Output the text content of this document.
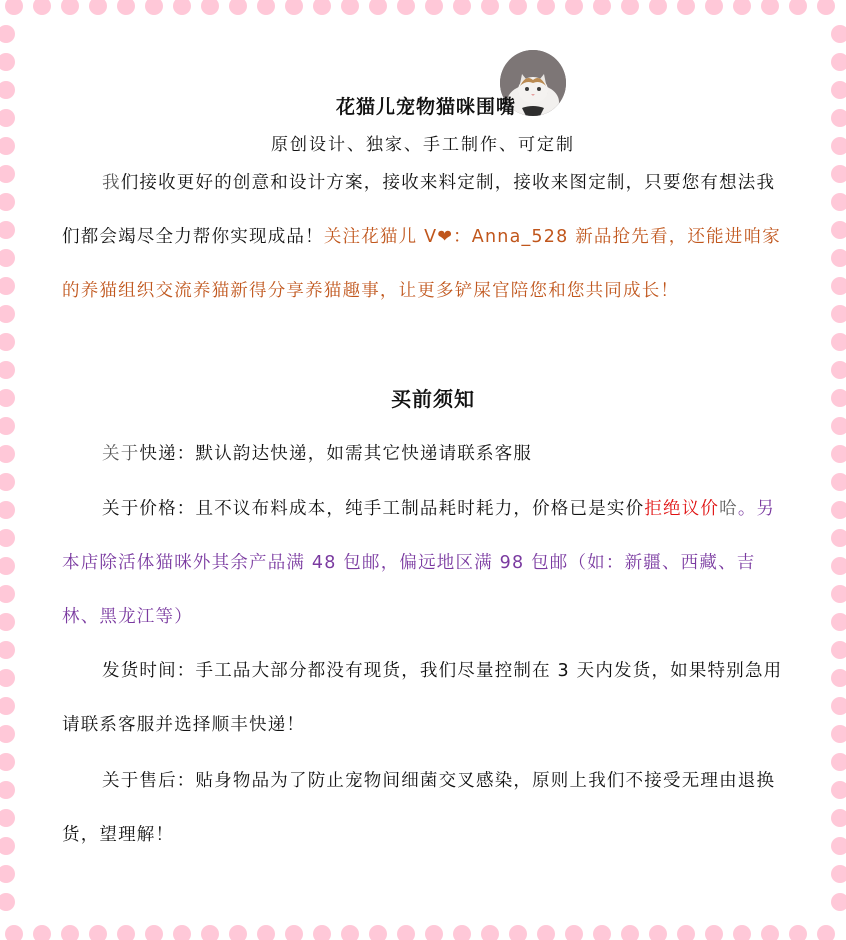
花猫儿宠物猫咪围嘴
原创设计、独家、手工制作、可定制

我们接收更好的创意和设计方案，接收来料定制，接收来图定制，只要您有想法我们都会竭尽全力帮你实现成品！关注花猫儿 V❤：Anna_528 新品抢先看，还能进咱家的养猫组织交流养猫新得分享养猫趣事，让更多铲屎官陪您和您共同成长！

买前须知

关于快递：默认韵达快递，如需其它快递请联系客服

关于价格：且不议布料成本，纯手工制品耗时耗力，价格已是实价拒绝议价哈。另本店除活体猫咪外其余产品满 48 包邮，偏远地区满 98 包邮（如：新疆、西藏、吉林、黑龙江等）

发货时间：手工品大部分都没有现货，我们尽量控制在 3 天内发货，如果特别急用请联系客服并选择顺丰快递！

关于售后：贴身物品为了防止宠物间细菌交叉感染，原则上我们不接受无理由退换货，望理解！
